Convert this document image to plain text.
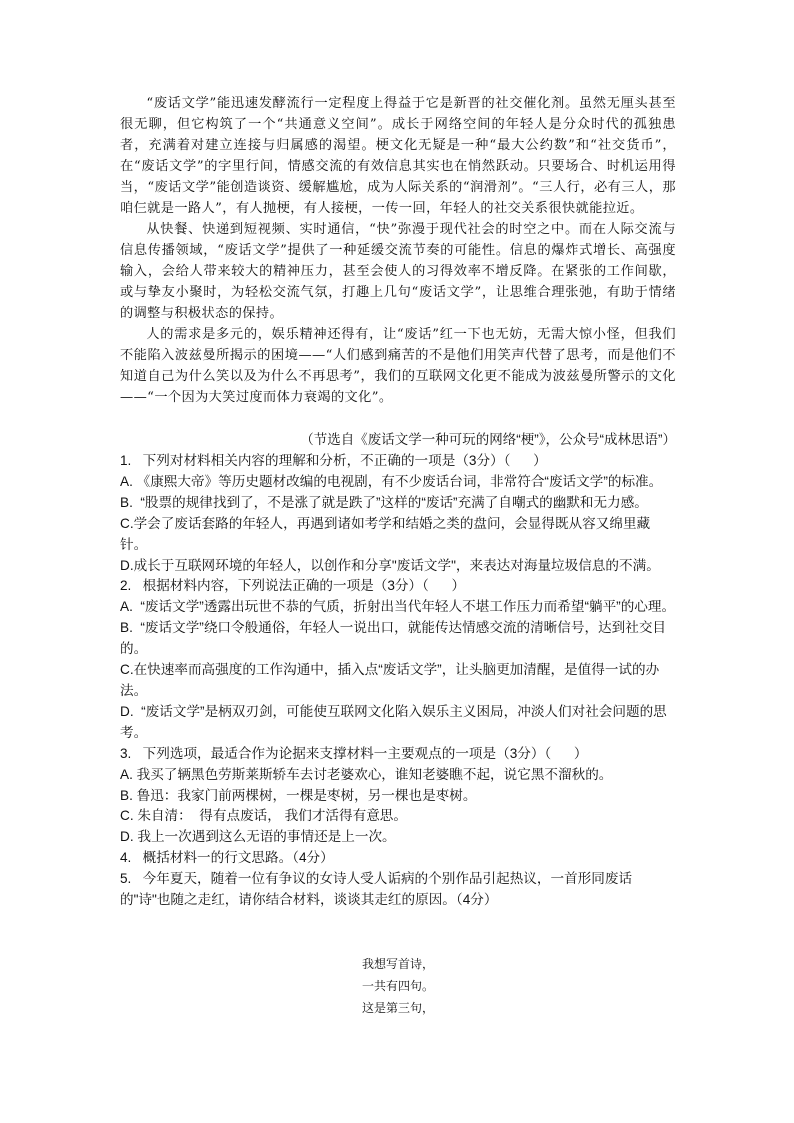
“废话文学”能迅速发酵流行一定程度上得益于它是新晋的社交催化剂。虽然无厘头甚至很无聊，但它构筑了一个“共通意义空间”。成长于网络空间的年轻人是分众时代的孤独患者，充满着对建立连接与归属感的渴望。梗文化无疑是一种“最大公约数”和“社交货币”，在“废话文学”的字里行间，情感交流的有效信息其实也在悄然跃动。只要场合、时机运用得当，“废话文学”能创造谈资、缓解尴尬，成为人际关系的“润滑剂”。“三人行，必有三人，那咱仨就是一路人”，有人抛梗，有人接梗，一传一回，年轻人的社交关系很快就能拉近。

从快餐、快递到短视频、实时通信，“快”弥漫于现代社会的时空之中。而在人际交流与信息传播领域，“废话文学”提供了一种延缓交流节奏的可能性。信息的爆炸式增长、高强度输入，会给人带来较大的精神压力，甚至会使人的习得效率不增反降。在紧张的工作间歇，或与挚友小聚时，为轻松交流气氛，打趣上几句“废话文学”，让思维合理张弛，有助于情绪的调整与积极状态的保持。

人的需求是多元的，娱乐精神还得有，让“废话”红一下也无妨，无需大惊小怪，但我们不能陷入波兹曼所揭示的困境——“人们感到痛苦的不是他们用笑声代替了思考，而是他们不知道自己为什么笑以及为什么不再思考”，我们的互联网文化更不能成为波兹曼所警示的文化——“一个因为大笑过度而体力衰竭的文化”。

（节选自《废话文学一种可玩的网络“梗”》，公众号“成林思语”）
1.   下列对材料相关内容的理解和分析，不正确的一项是（3分）（      ）
A. 《康熙大帝》等历史题材改编的电视剧，有不少废话台词，非常符合“废话文学”的标准。
B.  “股票的规律找到了，不是涨了就是跌了”这样的“废话”充满了自嘲式的幽默和无力感。
C.学会了废话套路的年轻人，再遇到诸如考学和结婚之类的盘问，会显得既从容又绵里藏针。
D.成长于互联网环境的年轻人，以创作和分享"废话文学"，来表达对海量垃圾信息的不满。
2.   根据材料内容，下列说法正确的一项是（3分）（      ）
A.  “废话文学”透露出玩世不恭的气质，折射出当代年轻人不堪工作压力而希望“躺平”的心理。
B.  “废话文学”绕口令般通俗，年轻人一说出口，就能传达情感交流的清晰信号，达到社交目的。
C.在快速率而高强度的工作沟通中，插入点“废话文学”，让头脑更加清醒，是值得一试的办法。
D.  “废话文学”是柄双刃剑，可能使互联网文化陷入娱乐主义困局，冲淡人们对社会问题的思考。
3.   下列选项，最适合作为论据来支撑材料一主要观点的一项是（3分）（      ）
A. 我买了辆黑色劳斯莱斯轿车去讨老婆欢心，谁知老婆瞧不起，说它黑不溜秋的。
B. 鲁迅：我家门前两棵树，一棵是枣树，另一棵也是枣树。
C. 朱自清：  得有点废话， 我们才活得有意思。
D. 我上一次遇到这么无语的事情还是上一次。
4.   概括材料一的行文思路。（4分）
5.   今年夏天，随着一位有争议的女诗人受人诟病的个别作品引起热议，一首形同废话的"诗"也随之走红，请你结合材料，谈谈其走红的原因。（4分）
我想写首诗，
一共有四句。
这是第三句，
